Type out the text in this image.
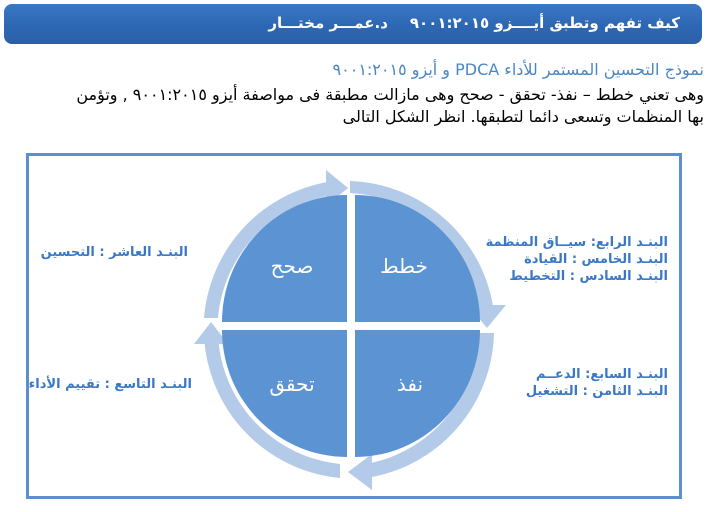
كيف تفهم وتطبق أيــــزو ٩٠٠١:٢٠١٥د.عمـــر مختـــار
نموذج التحسين المستمر للأداء PDCA و أيزو ٩٠٠١:٢٠١٥

وهى تعني خطط – نفذ- تحقق - صحح وهى مازالت مطبقة فى مواصفة أيزو ٩٠٠١:٢٠١٥ , وتؤمن
بها المنظمات وتسعى دائما لتطبقها. انظر الشكل التالى

خطط
نفذ
تحقق
صحح
البنـد الرابع: سيــاق المنظمة
البنـد الخامس : القيادة
البنـد السادس : التخطيط
البنـد السابع: الدعــم
البنـد الثامن : التشغيل
البنـد التاسع : تقييم الأداء
البنـد العاشر : التحسين
